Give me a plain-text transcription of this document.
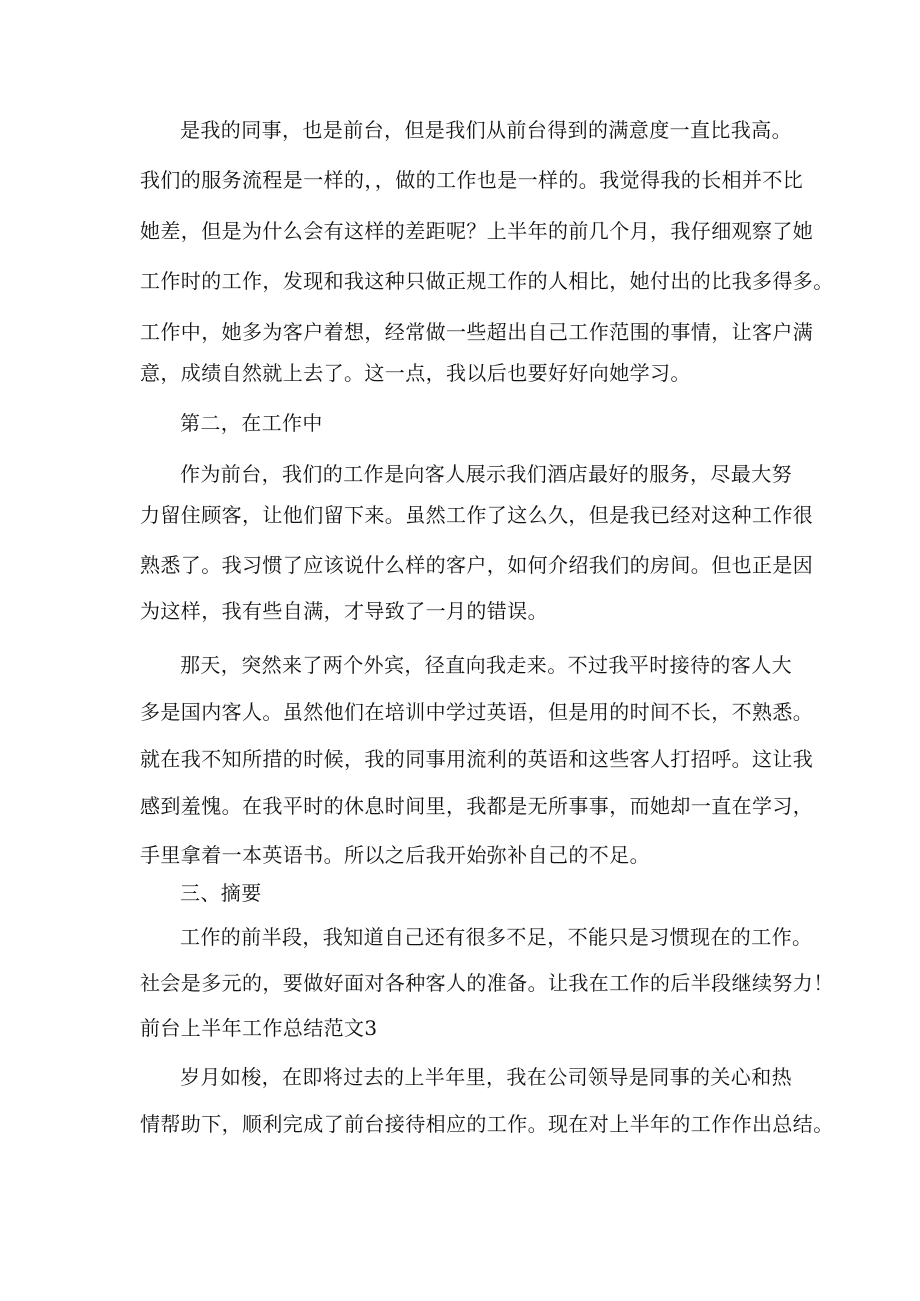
是我的同事，也是前台，但是我们从前台得到的满意度一直比我高。
我们的服务流程是一样的，，做的工作也是一样的。我觉得我的长相并不比
她差，但是为什么会有这样的差距呢？上半年的前几个月，我仔细观察了她
工作时的工作，发现和我这种只做正规工作的人相比，她付出的比我多得多。
工作中，她多为客户着想，经常做一些超出自己工作范围的事情，让客户满
意，成绩自然就上去了。这一点，我以后也要好好向她学习。
第二，在工作中
作为前台，我们的工作是向客人展示我们酒店最好的服务，尽最大努
力留住顾客，让他们留下来。虽然工作了这么久，但是我已经对这种工作很
熟悉了。我习惯了应该说什么样的客户，如何介绍我们的房间。但也正是因
为这样，我有些自满，才导致了一月的错误。
那天，突然来了两个外宾，径直向我走来。不过我平时接待的客人大
多是国内客人。虽然他们在培训中学过英语，但是用的时间不长，不熟悉。
就在我不知所措的时候，我的同事用流利的英语和这些客人打招呼。这让我
感到羞愧。在我平时的休息时间里，我都是无所事事，而她却一直在学习，
手里拿着一本英语书。所以之后我开始弥补自己的不足。
三、摘要
工作的前半段，我知道自己还有很多不足，不能只是习惯现在的工作。
社会是多元的，要做好面对各种客人的准备。让我在工作的后半段继续努力！
前台上半年工作总结范文3
岁月如梭，在即将过去的上半年里，我在公司领导是同事的关心和热
情帮助下，顺利完成了前台接待相应的工作。现在对上半年的工作作出总结。
